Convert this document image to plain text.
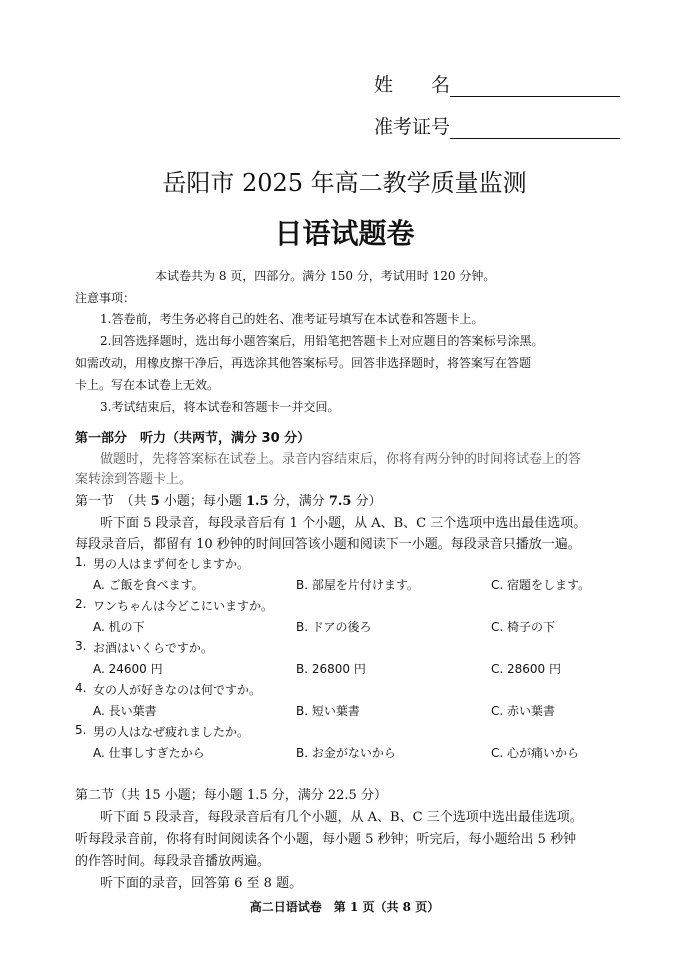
姓　　名
准考证号
岳阳市 2025 年高二教学质量监测
日语试题卷
本试卷共为 8 页，四部分。满分 150 分，考试用时 120 分钟。
注意事项：
1.答卷前，考生务必将自己的姓名、准考证号填写在本试卷和答题卡上。
2.回答选择题时，选出每小题答案后，用铅笔把答题卡上对应题目的答案标号涂黑。
如需改动，用橡皮擦干净后，再选涂其他答案标号。回答非选择题时，将答案写在答题
卡上。写在本试卷上无效。
3.考试结束后，将本试卷和答题卡一并交回。
第一部分　听力（共两节，满分 30 分）
做题时，先将答案标在试卷上。录音内容结束后，你将有两分钟的时间将试卷上的答
案转涂到答题卡上。
第一节　（共 5 小题；每小题 1.5 分，满分 7.5 分）
听下面 5 段录音，每段录音后有 1 个小题，从 A、B、C 三个选项中选出最佳选项。
每段录音后，都留有 10 秒钟的时间回答该小题和阅读下一小题。每段录音只播放一遍。
1. 男の人はまず何をしますか。
A. ご飯を食べます。	B. 部屋を片付けます。	C. 宿題をします。
2. ワンちゃんは今どこにいますか。
A. 机の下	B. ドアの後ろ	C. 椅子の下
3. お酒はいくらですか。
A. 24600 円	B. 26800 円	C. 28600 円
4. 女の人が好きなのは何ですか。
A. 長い葉書	B. 短い葉書	C. 赤い葉書
5. 男の人はなぜ疲れましたか。
A. 仕事しすぎたから	B. お金がないから	C. 心が痛いから
第二节（共 15 小题；每小题 1.5 分，满分 22.5 分）
听下面 5 段录音，每段录音后有几个小题，从 A、B、C 三个选项中选出最佳选项。
听每段录音前，你将有时间阅读各个小题，每小题 5 秒钟；听完后，每小题给出 5 秒钟
的作答时间。每段录音播放两遍。
听下面的录音，回答第 6 至 8 题。
高二日语试卷　第 1 页（共 8 页）
